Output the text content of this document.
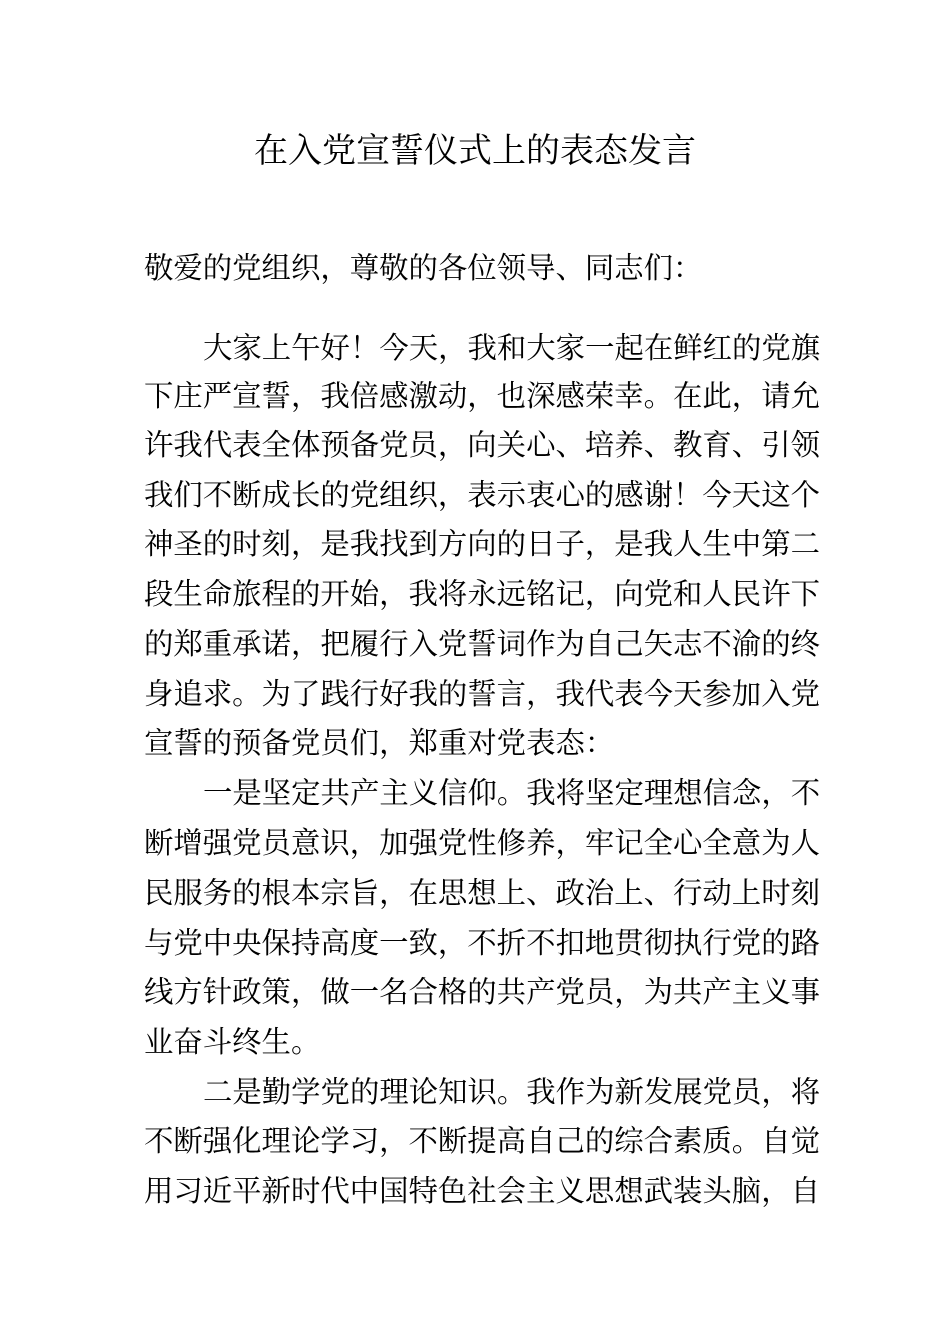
在入党宣誓仪式上的表态发言
敬爱的党组织，尊敬的各位领导、同志们：
大家上午好！今天，我和大家一起在鲜红的党旗
下庄严宣誓，我倍感激动，也深感荣幸。在此，请允
许我代表全体预备党员，向关心、培养、教育、引领
我们不断成长的党组织，表示衷心的感谢！今天这个
神圣的时刻，是我找到方向的日子，是我人生中第二
段生命旅程的开始，我将永远铭记，向党和人民许下
的郑重承诺，把履行入党誓词作为自己矢志不渝的终
身追求。为了践行好我的誓言，我代表今天参加入党
宣誓的预备党员们，郑重对党表态：
一是坚定共产主义信仰。我将坚定理想信念，不
断增强党员意识，加强党性修养，牢记全心全意为人
民服务的根本宗旨，在思想上、政治上、行动上时刻
与党中央保持高度一致，不折不扣地贯彻执行党的路
线方针政策，做一名合格的共产党员，为共产主义事
业奋斗终生。
二是勤学党的理论知识。我作为新发展党员，将
不断强化理论学习，不断提高自己的综合素质。自觉
用习近平新时代中国特色社会主义思想武装头脑，自
